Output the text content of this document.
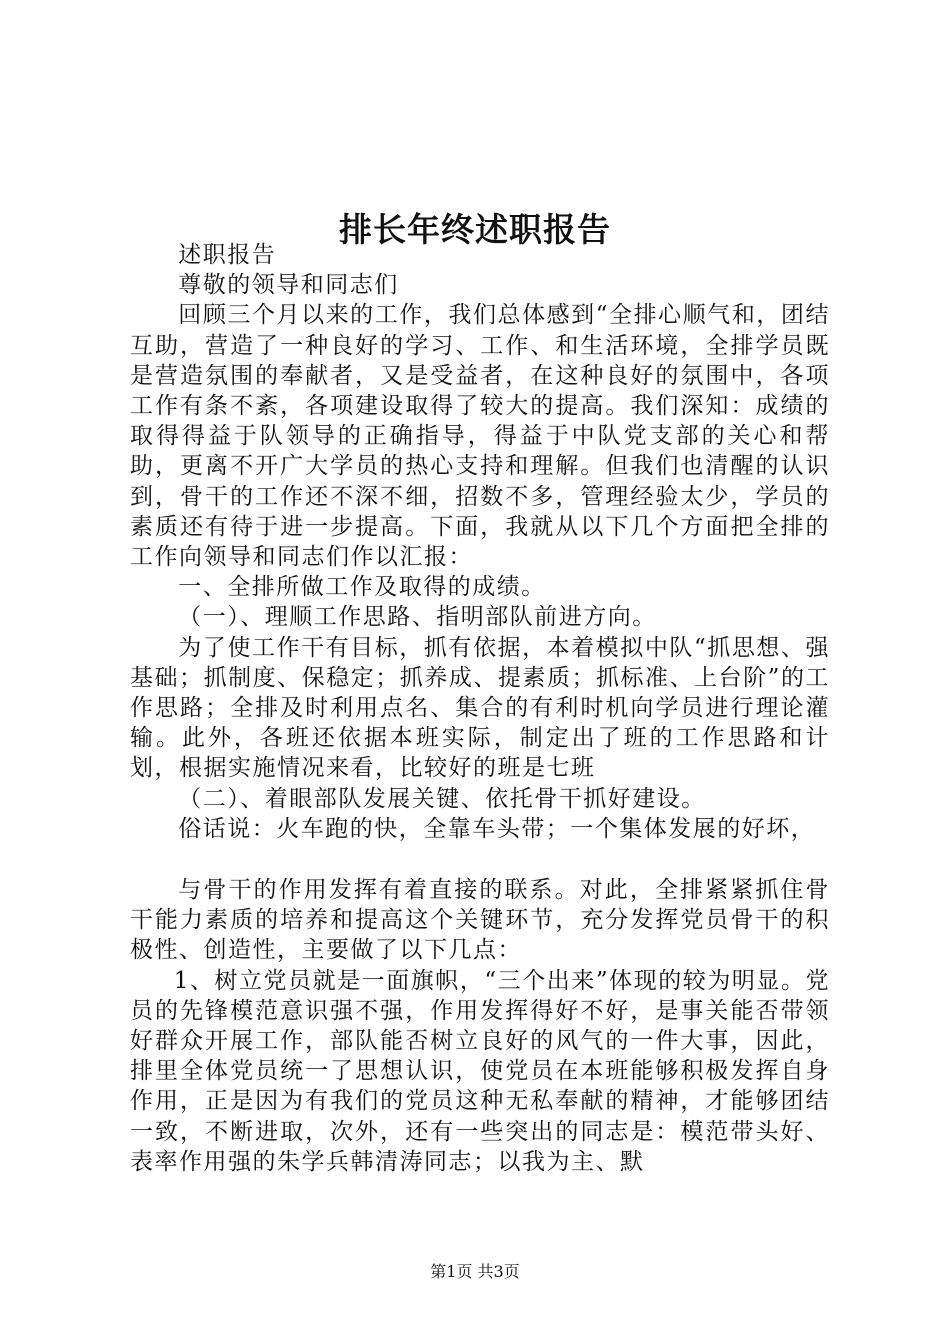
排长年终述职报告

述职报告

尊敬的领导和同志们

回顾三个月以来的工作，我们总体感到“全排心顺气和，团结互助，营造了一种良好的学习、工作、和生活环境，全排学员既是营造氛围的奉献者，又是受益者，在这种良好的氛围中，各项工作有条不紊，各项建设取得了较大的提高。我们深知：成绩的取得得益于队领导的正确指导，得益于中队党支部的关心和帮助，更离不开广大学员的热心支持和理解。但我们也清醒的认识到，骨干的工作还不深不细，招数不多，管理经验太少，学员的素质还有待于进一步提高。下面，我就从以下几个方面把全排的工作向领导和同志们作以汇报：

一、全排所做工作及取得的成绩。

（一）、理顺工作思路、指明部队前进方向。

为了使工作干有目标，抓有依据，本着模拟中队“抓思想、强基础；抓制度、保稳定；抓养成、提素质；抓标准、上台阶”的工作思路；全排及时利用点名、集合的有利时机向学员进行理论灌输。此外，各班还依据本班实际，制定出了班的工作思路和计划，根据实施情况来看，比较好的班是七班

（二）、着眼部队发展关键、依托骨干抓好建设。

俗话说：火车跑的快，全靠车头带；一个集体发展的好坏，

与骨干的作用发挥有着直接的联系。对此，全排紧紧抓住骨干能力素质的培养和提高这个关键环节，充分发挥党员骨干的积极性、创造性，主要做了以下几点：

1、树立党员就是一面旗帜，“三个出来”体现的较为明显。党员的先锋模范意识强不强，作用发挥得好不好，是事关能否带领好群众开展工作，部队能否树立良好的风气的一件大事，因此，排里全体党员统一了思想认识，使党员在本班能够积极发挥自身作用，正是因为有我们的党员这种无私奉献的精神，才能够团结一致，不断进取，次外，还有一些突出的同志是：模范带头好、表率作用强的朱学兵韩清涛同志；以我为主、默

第1页 共3页
